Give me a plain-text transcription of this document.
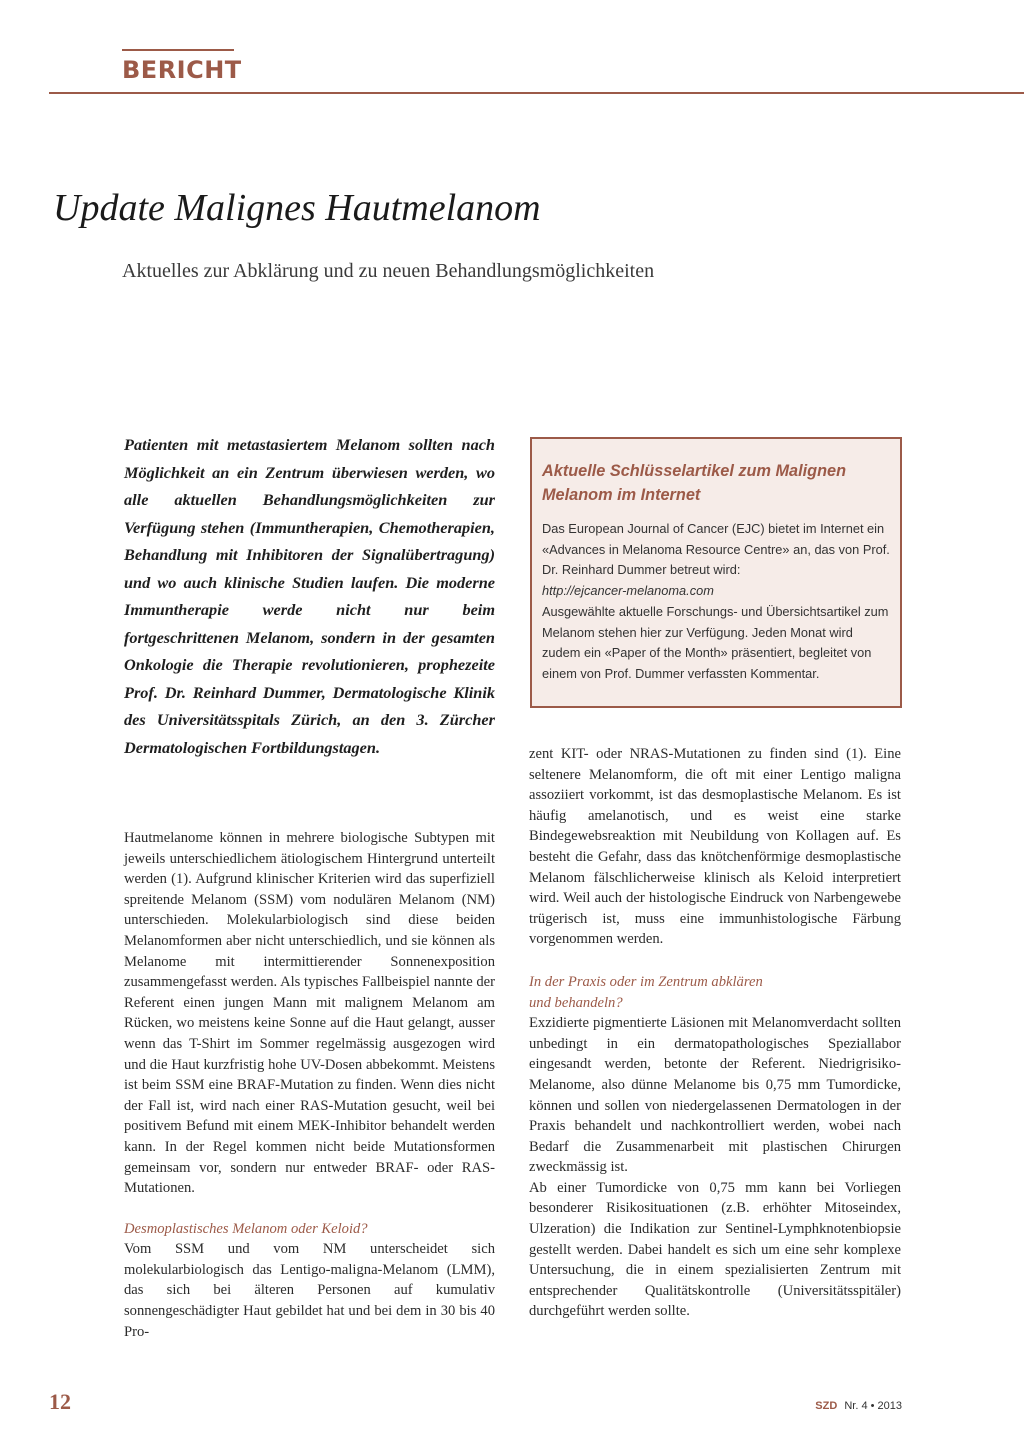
BERICHT
Update Malignes Hautmelanom

Aktuelles zur Abklärung und zu neuen Behandlungsmöglichkeiten

Patienten mit metastasiertem Melanom sollten nach Möglichkeit an ein Zentrum überwiesen werden, wo alle aktuellen Behandlungsmöglichkeiten zur Verfügung stehen (Immuntherapien, Chemotherapien, Behandlung mit Inhibitoren der Signalübertragung) und wo auch klinische Studien laufen. Die moderne Immuntherapie werde nicht nur beim fortgeschrittenen Melanom, sondern in der gesamten Onkologie die Therapie revolutionieren, prophezeite Prof. Dr. Reinhard Dummer, Dermatologische Klinik des Universitätsspitals Zürich, an den 3. Zürcher Dermatologischen Fortbildungstagen.

Aktuelle Schlüsselartikel zum Malignen Melanom im Internet

Das European Journal of Cancer (EJC) bietet im Internet ein «Advances in Melanoma Resource Centre» an, das von Prof. Dr. Reinhard Dummer betreut wird:
http://ejcancer-melanoma.com
Ausgewählte aktuelle Forschungs- und Übersichtsartikel zum Melanom stehen hier zur Verfügung. Jeden Monat wird zudem ein «Paper of the Month» präsentiert, begleitet von einem von Prof. Dummer verfassten Kommentar.

Hautmelanome können in mehrere biologische Subtypen mit jeweils unterschiedlichem ätiologischem Hintergrund unterteilt werden (1). Aufgrund klinischer Kriterien wird das superfiziell spreitende Melanom (SSM) vom nodulären Melanom (NM) unterschieden. Molekularbiologisch sind diese beiden Melanomformen aber nicht unterschiedlich, und sie können als Melanome mit intermittierender Sonnenexposition zusammengefasst werden. Als typisches Fallbeispiel nannte der Referent einen jungen Mann mit malignem Melanom am Rücken, wo meistens keine Sonne auf die Haut gelangt, ausser wenn das T-Shirt im Sommer regelmässig ausgezogen wird und die Haut kurzfristig hohe UV-Dosen abbekommt. Meistens ist beim SSM eine BRAF-Mutation zu finden. Wenn dies nicht der Fall ist, wird nach einer RAS-Mutation gesucht, weil bei positivem Befund mit einem MEK-Inhibitor behandelt werden kann. In der Regel kommen nicht beide Mutationsformen gemeinsam vor, sondern nur entweder BRAF- oder RAS-Mutationen.

Desmoplastisches Melanom oder Keloid?

Vom SSM und vom NM unterscheidet sich molekularbiologisch das Lentigo-maligna-Melanom (LMM), das sich bei älteren Personen auf kumulativ sonnengeschädigter Haut gebildet hat und bei dem in 30 bis 40 Pro-

zent KIT- oder NRAS-Mutationen zu finden sind (1). Eine seltenere Melanomform, die oft mit einer Lentigo maligna assoziiert vorkommt, ist das desmoplastische Melanom. Es ist häufig amelanotisch, und es weist eine starke Bindegewebsreaktion mit Neubildung von Kollagen auf. Es besteht die Gefahr, dass das knötchenförmige desmoplastische Melanom fälschlicherweise klinisch als Keloid interpretiert wird. Weil auch der histologische Eindruck von Narbengewebe trügerisch ist, muss eine immunhistologische Färbung vorgenommen werden.

In der Praxis oder im Zentrum abklären
und behandeln?

Exzidierte pigmentierte Läsionen mit Melanomverdacht sollten unbedingt in ein dermatopathologisches Speziallabor eingesandt werden, betonte der Referent. Niedrigrisiko-Melanome, also dünne Melanome bis 0,75 mm Tumordicke, können und sollen von niedergelassenen Dermatologen in der Praxis behandelt und nachkontrolliert werden, wobei nach Bedarf die Zusammenarbeit mit plastischen Chirurgen zweckmässig ist.

Ab einer Tumordicke von 0,75 mm kann bei Vorliegen besonderer Risikosituationen (z.B. erhöhter Mitoseindex, Ulzeration) die Indikation zur Sentinel-Lymphknotenbiopsie gestellt werden. Dabei handelt es sich um eine sehr komplexe Untersuchung, die in einem spezialisierten Zentrum mit entsprechender Qualitätskontrolle (Universitätsspitäler) durchgeführt werden sollte.

12	SZD Nr. 4 • 2013
